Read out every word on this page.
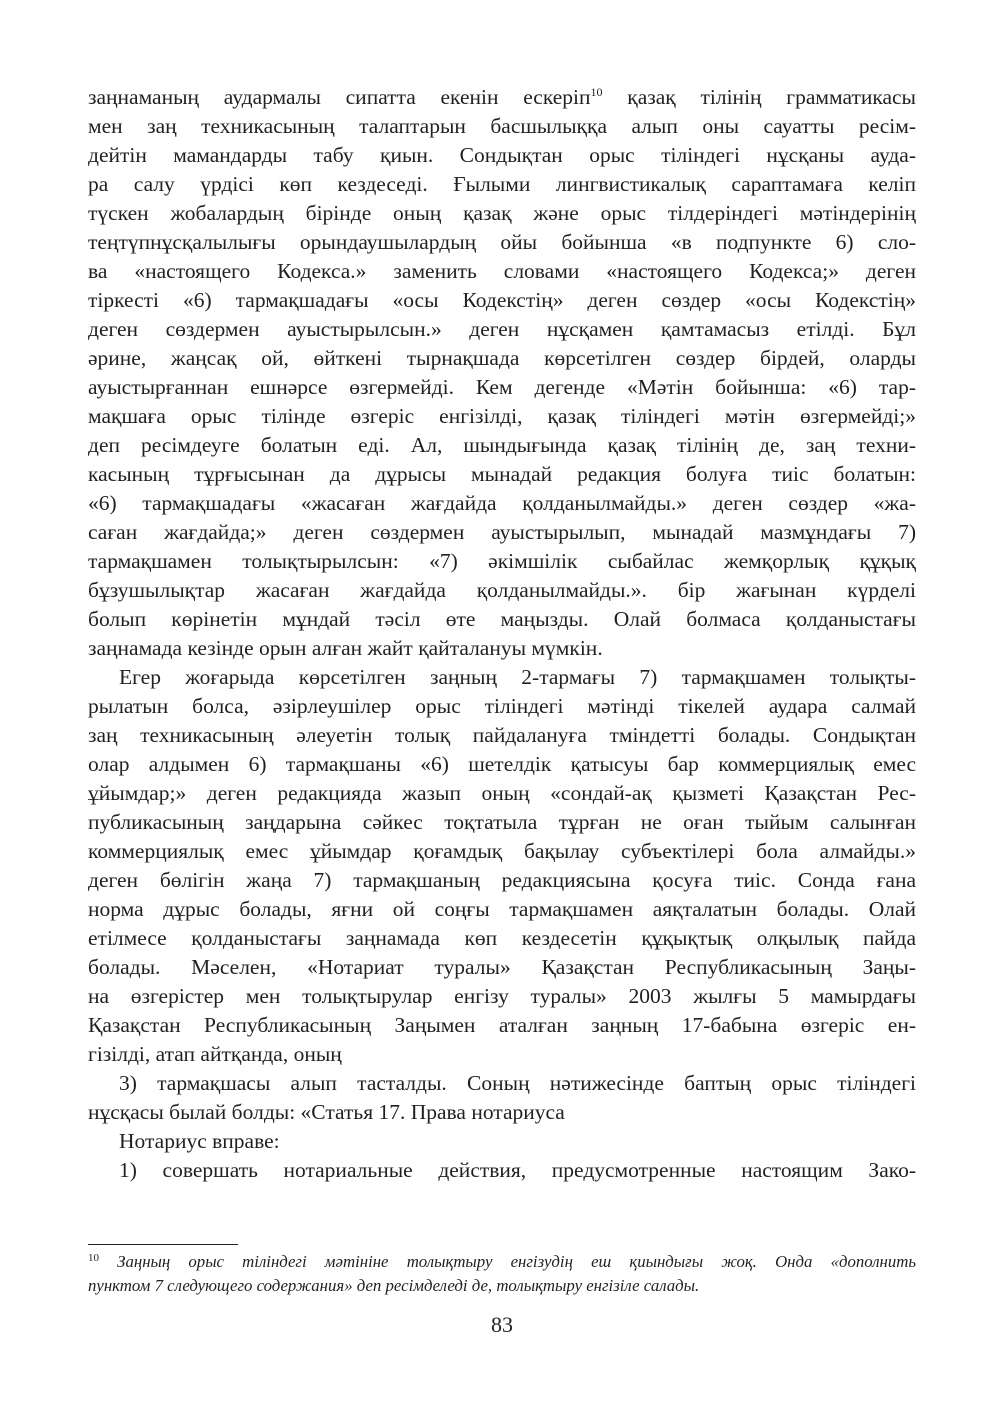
заңнаманың аудармалы сипатта екенін ескеріп$^{10}$ қазақ тілінің грамматикасы
мен заң техникасының талаптарын басшылыққа алып оны сауатты ресім-
дейтін мамандарды табу қиын. Сондықтан орыс тіліндегі нұсқаны ауда-
ра салу үрдісі көп кездеседі. Ғылыми лингвистикалық сараптамаға келіп
түскен жобалардың бірінде оның қазақ және орыс тілдеріндегі мәтіндерінің
теңтүпнұсқалылығы орындаушылардың ойы бойынша «в подпункте 6) сло-
ва «настоящего Кодекса.» заменить словами «настоящего Кодекса;» деген
тіркесті «6) тармақшадағы «осы Кодекстің» деген сөздер «осы Кодекстің»
деген сөздермен ауыстырылсын.» деген нұсқамен қамтамасыз етілді. Бұл
әрине, жаңсақ ой, өйткені тырнақшада көрсетілген сөздер бірдей, оларды
ауыстырғаннан ешнәрсе өзгермейді. Кем дегенде «Мәтін бойынша: «6) тар-
мақшаға орыс тілінде өзгеріс енгізілді, қазақ тіліндегі мәтін өзгермейді;»
деп ресімдеуге болатын еді. Ал, шындығында қазақ тілінің де, заң техни-
касының тұрғысынан да дұрысы мынадай редакция болуға тиіс болатын:
«6) тармақшадағы «жасаған жағдайда қолданылмайды.» деген сөздер «жа-
саған жағдайда;» деген сөздермен ауыстырылып, мынадай мазмұндағы 7)
тармақшамен толықтырылсын: «7) әкімшілік сыбайлас жемқорлық құқық
бұзушылықтар жасаған жағдайда қолданылмайды.». бір жағынан күрделі
болып көрінетін мұндай тәсіл өте маңызды. Олай болмаса қолданыстағы
заңнамада кезінде орын алған жайт қайталануы мүмкін.
Егер жоғарыда көрсетілген заңның 2-тармағы 7) тармақшамен толықты-
рылатын болса, әзірлеушілер орыс тіліндегі мәтінді тікелей аудара салмай
заң техникасының әлеуетін толық пайдалануға тміндетті болады. Сондықтан
олар алдымен 6) тармақшаны «6) шетелдік қатысуы бар коммерциялық емес
ұйымдар;» деген редакцияда жазып оның «сондай-ақ қызметі Қазақстан Рес-
публикасының заңдарына сәйкес тоқтатыла тұрған не оған тыйым салынған
коммерциялық емес ұйымдар қоғамдық бақылау субъектілері бола алмайды.»
деген бөлігін жаңа 7) тармақшаның редакциясына қосуға тиіс. Сонда ғана
норма дұрыс болады, яғни ой соңғы тармақшамен аяқталатын болады. Олай
етілмесе қолданыстағы заңнамада көп кездесетін құқықтық олқылық пайда
болады. Мәселен, «Нотариат туралы» Қазақстан Республикасының Заңы-
на өзгерістер мен толықтырулар енгізу туралы» 2003 жылғы 5 мамырдағы
Қазақстан Республикасының Заңымен аталған заңның 17-бабына өзгеріс ен-
гізілді, атап айтқанда, оның
3) тармақшасы алып тасталды. Соның нәтижесінде баптың орыс тіліндегі
нұсқасы былай болды: «Статья 17. Права нотариуса
Нотариус вправе:
1) совершать нотариальные действия, предусмотренные настоящим Зако-
$^{10}$ Заңның орыс тіліндегі мәтініне толықтыру енгізудің еш қиындығы жоқ. Онда «дополнить
пунктом 7 следующего содержания» деп ресімделеді де, толықтыру енгізіле салады.
83
